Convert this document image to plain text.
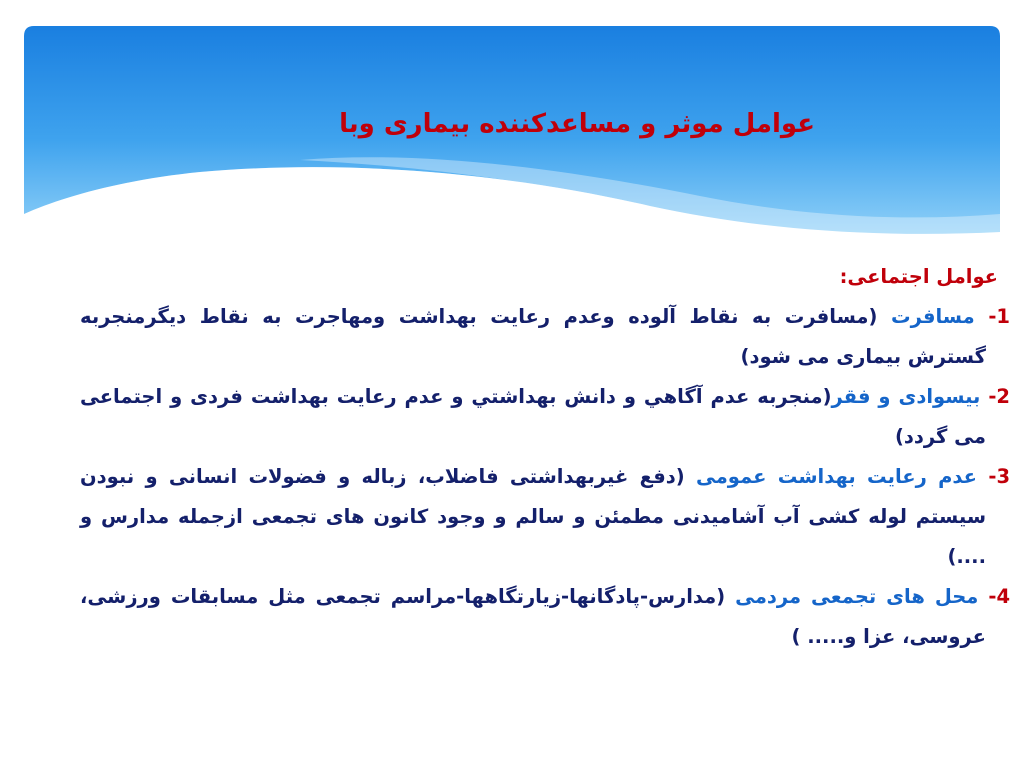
عوامل موثر و مساعدکننده بیماری وبا

عوامل اجتماعی:

1- مسافرت (مسافرت به نقاط آلوده وعدم رعایت بهداشت ومهاجرت به نقاط دیگرمنجربه گسترش بیماری می شود)

2- بیسوادی و فقر(منجربه عدم آگاهي و دانش بهداشتي و عدم رعایت بهداشت فردی و اجتماعی می گردد)

3- عدم رعایت بهداشت عمومی (دفع غیربهداشتی فاضلاب، زباله و فضولات انسانی و نبودن سیستم لوله کشی آب آشامیدنی مطمئن و سالم و وجود کانون های تجمعی ازجمله مدارس و ....)

4- محل های تجمعی مردمی (مدارس-پادگانها-زیارتگاهها-مراسم تجمعی مثل مسابقات ورزشی، عروسی، عزا و..... )
